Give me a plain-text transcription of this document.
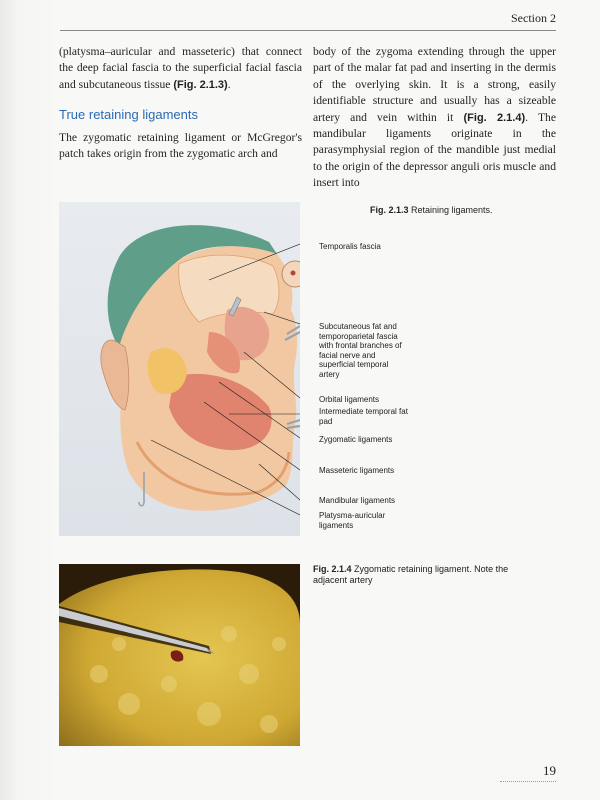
Section 2

(platysma–auricular and masseteric) that connect the deep facial fascia to the superficial facial fascia and subcutaneous tissue (Fig. 2.1.3).

True retaining ligaments

The zygomatic retaining ligament or McGregor's patch takes origin from the zygomatic arch and

body of the zygoma extending through the upper part of the malar fat pad and inserting in the dermis of the overlying skin. It is a strong, easily identifiable structure and usually has a sizeable artery and vein within it (Fig. 2.1.4). The mandibular ligaments originate in the parasymphysial region of the mandible just medial to the origin of the depressor anguli oris muscle and insert into

Fig. 2.1.3 Retaining ligaments.
Temporalis fascia
Subcutaneous fat and temporoparietal fascia with frontal branches of facial nerve and superficial temporal artery
Orbital ligaments
Intermediate temporal fat pad
Zygomatic ligaments
Masseteric ligaments
Mandibular ligaments
Platysma-auricular ligaments
Fig. 2.1.4 Zygomatic retaining ligament. Note the adjacent artery
19
